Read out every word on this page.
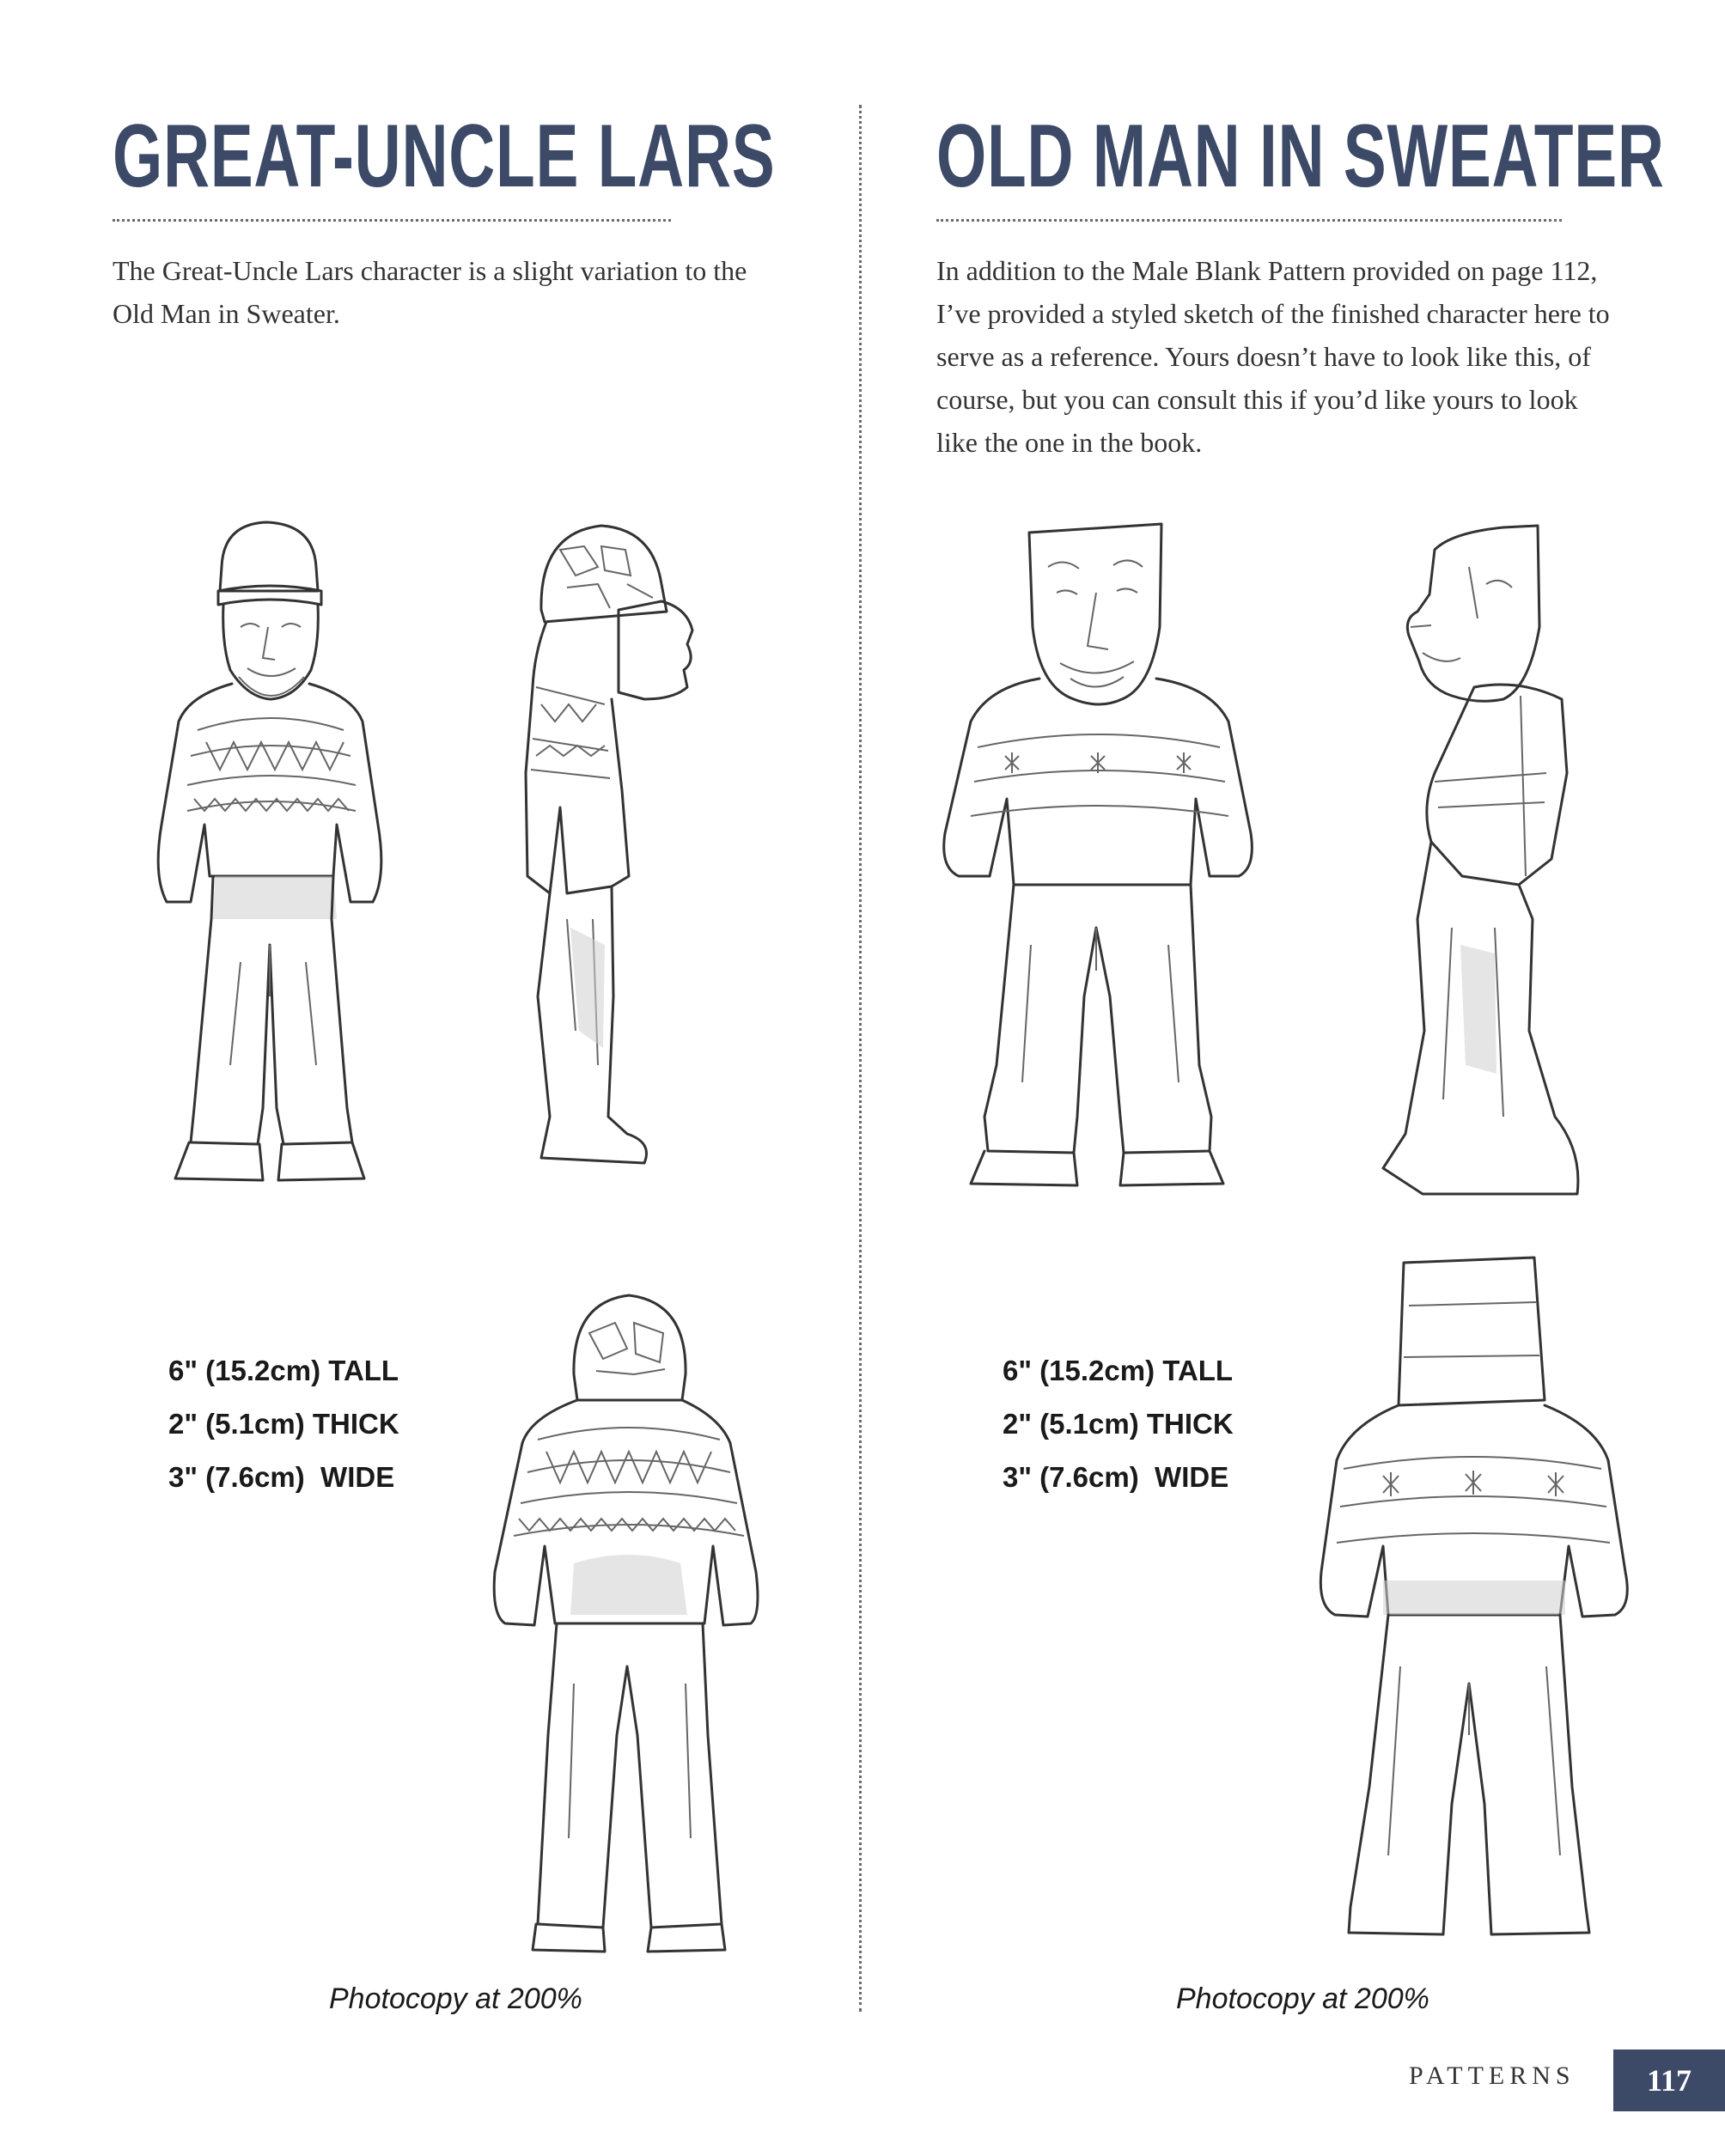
GREAT-UNCLE LARS

The Great-Uncle Lars character is a slight variation to the Old Man in Sweater.

6" (15.2cm) TALL
2" (5.1cm) THICK
3" (7.6cm)  WIDE
Photocopy at 200%
OLD MAN IN SWEATER

In addition to the Male Blank Pattern provided on page 112, I’ve provided a styled sketch of the finished character here to serve as a reference. Yours doesn’t have to look like this, of course, but you can consult this if you’d like yours to look like the one in the book.

6" (15.2cm) TALL
2" (5.1cm) THICK
3" (7.6cm)  WIDE
Photocopy at 200%
PATTERNS	117
